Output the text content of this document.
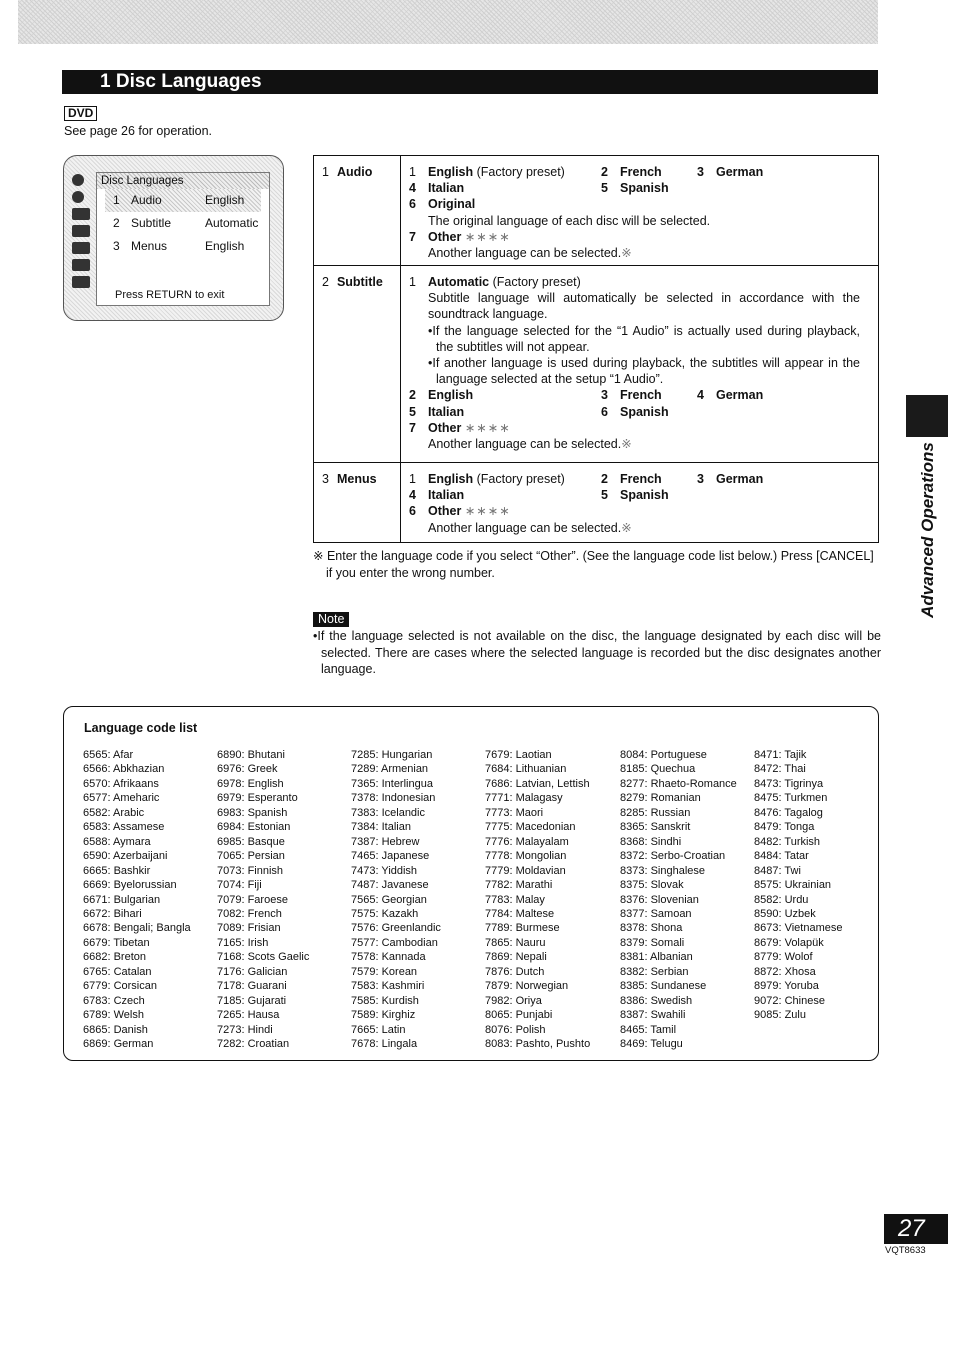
1 Disc Languages
DVD
See page 26 for operation.
Disc Languages
1 Audio	English
2 Subtitle	Automatic
3 Menus	English
Press RETURN to exit
1 Audio	1 English (Factory preset)	2 French	3 German
4 Italian	5 Spanish
6 Original
The original language of each disc will be selected.
7 Other ∗∗∗∗
Another language can be selected.※
2 Subtitle	1 Automatic (Factory preset)
Subtitle language will automatically be selected in accordance with the soundtrack language.
•If the language selected for the “1 Audio” is actually used during playback, the subtitles will not appear.
•If another language is used during playback, the subtitles will appear in the language selected at the setup “1 Audio”.
2 English	3 French	4 German
5 Italian	6 Spanish
7 Other ∗∗∗∗
Another language can be selected.※
3 Menus	1 English (Factory preset)	2 French	3 German
4 Italian	5 Spanish
6 Other ∗∗∗∗
Another language can be selected.※
※ Enter the language code if you select “Other”. (See the language code list below.) Press [CANCEL] if you enter the wrong number.
Note
•If the language selected is not available on the disc, the language designated by each disc will be selected. There are cases where the selected language is recorded but the disc designates another language.
Advanced Operations
Language code list
6565: Afar
6566: Abkhazian
6570: Afrikaans
6577: Ameharic
6582: Arabic
6583: Assamese
6588: Aymara
6590: Azerbaijani
6665: Bashkir
6669: Byelorussian
6671: Bulgarian
6672: Bihari
6678: Bengali; Bangla
6679: Tibetan
6682: Breton
6765: Catalan
6779: Corsican
6783: Czech
6789: Welsh
6865: Danish
6869: German
6890: Bhutani
6976: Greek
6978: English
6979: Esperanto
6983: Spanish
6984: Estonian
6985: Basque
7065: Persian
7073: Finnish
7074: Fiji
7079: Faroese
7082: French
7089: Frisian
7165: Irish
7168: Scots Gaelic
7176: Galician
7178: Guarani
7185: Gujarati
7265: Hausa
7273: Hindi
7282: Croatian
7285: Hungarian
7289: Armenian
7365: Interlingua
7378: Indonesian
7383: Icelandic
7384: Italian
7387: Hebrew
7465: Japanese
7473: Yiddish
7487: Javanese
7565: Georgian
7575: Kazakh
7576: Greenlandic
7577: Cambodian
7578: Kannada
7579: Korean
7583: Kashmiri
7585: Kurdish
7589: Kirghiz
7665: Latin
7678: Lingala
7679: Laotian
7684: Lithuanian
7686: Latvian, Lettish
7771: Malagasy
7773: Maori
7775: Macedonian
7776: Malayalam
7778: Mongolian
7779: Moldavian
7782: Marathi
7783: Malay
7784: Maltese
7789: Burmese
7865: Nauru
7869: Nepali
7876: Dutch
7879: Norwegian
7982: Oriya
8065: Punjabi
8076: Polish
8083: Pashto, Pushto
8084: Portuguese
8185: Quechua
8277: Rhaeto-Romance
8279: Romanian
8285: Russian
8365: Sanskrit
8368: Sindhi
8372: Serbo-Croatian
8373: Singhalese
8375: Slovak
8376: Slovenian
8377: Samoan
8378: Shona
8379: Somali
8381: Albanian
8382: Serbian
8385: Sundanese
8386: Swedish
8387: Swahili
8465: Tamil
8469: Telugu
8471: Tajik
8472: Thai
8473: Tigrinya
8475: Turkmen
8476: Tagalog
8479: Tonga
8482: Turkish
8484: Tatar
8487: Twi
8575: Ukrainian
8582: Urdu
8590: Uzbek
8673: Vietnamese
8679: Volapük
8779: Wolof
8872: Xhosa
8979: Yoruba
9072: Chinese
9085: Zulu
27
VQT8633
